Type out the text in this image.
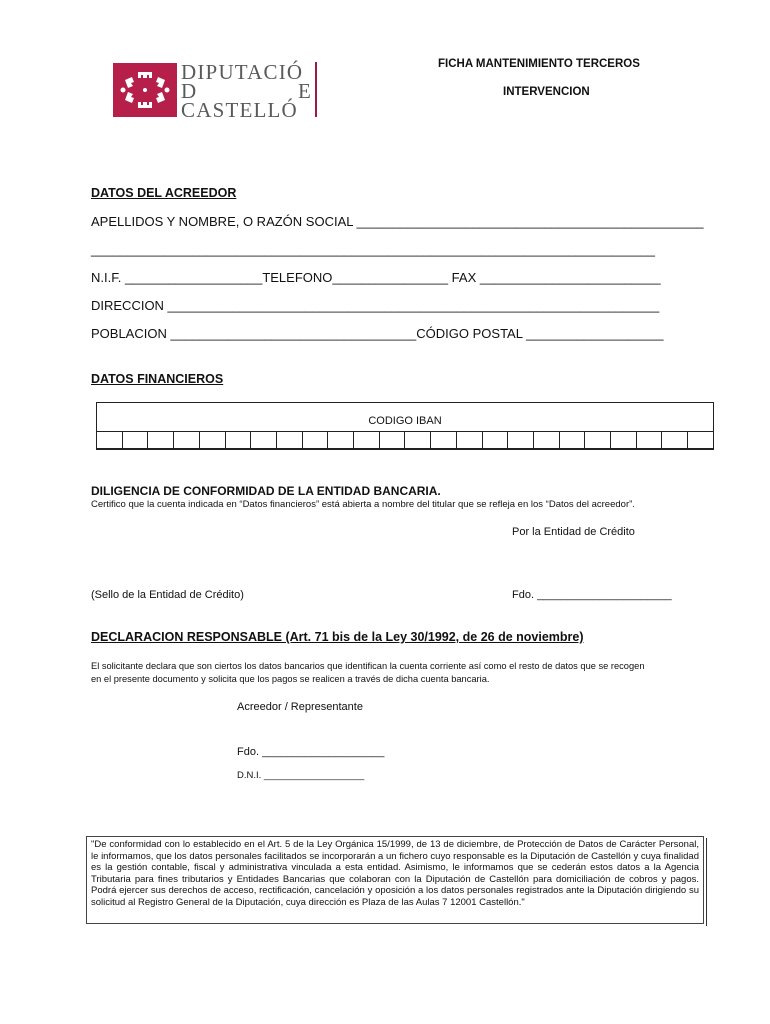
DIPUTACIÓ
D	E
CASTELLÓ
FICHA MANTENIMIENTO TERCEROS
INTERVENCION
DATOS DEL ACREEDOR
APELLIDOS Y NOMBRE, O RAZÓN SOCIAL ________________________________________________
______________________________________________________________________________
N.I.F. ___________________TELEFONO________________ FAX _________________________
DIRECCION ____________________________________________________________________
POBLACION __________________________________CÓDIGO POSTAL ___________________
DATOS FINANCIEROS
CODIGO IBAN
DILIGENCIA DE CONFORMIDAD DE LA ENTIDAD BANCARIA.
Certifico que la cuenta indicada en “Datos financieros” está abierta a nombre del titular que se refleja en los “Datos del acreedor”.
Por la Entidad de Crédito
(Sello de la Entidad de Crédito)	Fdo. ______________________
DECLARACION RESPONSABLE (Art. 71 bis de la Ley 30/1992, de 26 de noviembre)
El solicitante declara que son ciertos los datos bancarios que identifican la cuenta corriente así como el resto de datos que se recogen
en el presente documento y solicita que los pagos se realicen a través de dicha cuenta bancaria.
Acreedor / Representante
Fdo. ____________________
D.N.I. ___________________
"De conformidad con lo establecido en el Art. 5 de la Ley Orgánica 15/1999, de 13 de diciembre, de Protección de Datos de Carácter Personal, le informamos, que los datos personales facilitados se incorporarán a un fichero cuyo responsable es la Diputación de Castellón y cuya finalidad es la gestión contable, fiscal y administrativa vinculada a esta entidad. Asimismo, le informamos que se cederán estos datos a la Agencia Tributaria para fines tributarios y Entidades Bancarias que colaboran con la Diputación de Castellón para domiciliación de cobros y pagos. Podrá ejercer sus derechos de acceso, rectificación, cancelación y oposición a los datos personales registrados ante la Diputación dirigiendo su solicitud al Registro General de la Diputación, cuya dirección es Plaza de las Aulas 7 12001 Castellón."
